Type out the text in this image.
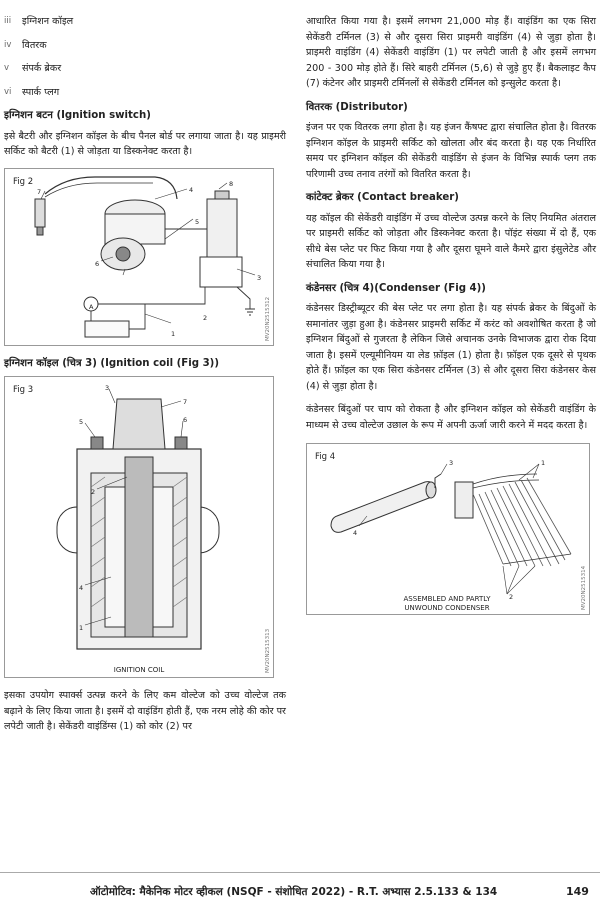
iii	इग्निशन कॉइल
iv	वितरक
v	संपर्क ब्रेकर
vi	स्पार्क प्लग
इग्निशन बटन (Ignition switch)

इसे बैटरी और इग्निशन कॉइल के बीच पैनल बोर्ड पर लगाया जाता है। यह प्राइमरी सर्किट को बैटरी (1) से जोड़ता या डिस्कनेक्ट करता है।

Fig 2
1
2
3
4
5
6
7
8
A	MV20N2515312
इग्निशन कॉइल (चित्र 3) (Ignition coil (Fig 3))
Fig 3
1
2
3
4
5	6
7
IGNITION COIL	MV20N2515313

इसका उपयोग स्पार्क्स उत्पन्न करने के लिए कम वोल्टेज को उच्च वोल्टेज तक बढ़ाने के लिए किया जाता है। इसमें दो वाइंडिंग होती हैं, एक नरम लोहे की कोर पर लपेटी जाती है। सेकेंडरी वाइंडिंग्स (1) को कोर (2) पर

आधारित किया गया है। इसमें लगभग 21,000 मोड़ हैं। वाइंडिंग का एक सिरा सेकेंडरी टर्मिनल (3) से और दूसरा सिरा प्राइमरी वाइंडिंग (4) से जुड़ा होता है। प्राइमरी वाइंडिंग (4) सेकेंडरी वाइंडिंग (1) पर लपेटी जाती है और इसमें लगभग 200 - 300 मोड़ होते हैं। सिरे बाहरी टर्मिनल (5,6) से जुड़े हुए हैं। बैकलाइट कैप (7) कंटेनर और प्राइमरी टर्मिनलों से सेकेंडरी टर्मिनल को इन्सुलेट करता है।

वितरक (Distributor)

इंजन पर एक वितरक लगा होता है। यह इंजन कैंषफ्ट द्वारा संचालित होता है। वितरक इग्निशन कॉइल के प्राइमरी सर्किट को खोलता और बंद करता है। यह एक निर्धारित समय पर इग्निशन कॉइल की सेकेंडरी वाइंडिंग से इंजन के विभिन्न स्पार्क प्लग तक परिणामी उच्च तनाव तरंगों को वितरित करता है।

कांटेक्ट ब्रेकर (Contact breaker)

यह कॉइल की सेकेंडरी वाइंडिंग में उच्च वोल्टेज उत्पन्न करने के लिए नियमित अंतराल पर प्राइमरी सर्किट को जोड़ता और डिस्कनेक्ट करता है। पॉइंट संख्या में दो हैं, एक सीधे बेस प्लेट पर फिट किया गया है और दूसरा घूमने वाले कैमरे द्वारा इंसुलेटेड और संचालित किया गया है।

कंडेनसर (चित्र 4)(Condenser (Fig 4))

कंडेनसर डिस्ट्रीब्यूटर की बेस प्लेट पर लगा होता है। यह संपर्क ब्रेकर के बिंदुओं के समानांतर जुड़ा हुआ है। कंडेनसर प्राइमरी सर्किट में करंट को अवशोषित करता है जो इग्निशन बिंदुओं से गुजरता है लेकिन जिसे अचानक उनके विभाजक द्वारा रोक दिया जाता है। इसमें एल्यूमीनियम या लेड फ़ॉइल (1) होता है। फ़ॉइल एक दूसरे से पृथक होते हैं। फ़ॉइल का एक सिरा कंडेनसर टर्मिनल (3) से और दूसरा सिरा कंडेनसर केस (4) से जुड़ा होता है।

कंडेनसर बिंदुओं पर चाप को रोकता है और इग्निशन कॉइल को सेकेंडरी वाइंडिंग के माध्यम से उच्च वोल्टेज उछाल के रूप में अपनी ऊर्जा जारी करने में मदद करता है।

Fig 4
1
2
3
4
ASSEMBLED AND PARTLY
UNWOUND CONDENSER	MV20N2515314
ऑटोमोटिव: मैकेनिक मोटर व्हीकल (NSQF - संशोधित 2022) - R.T. अभ्यास 2.5.133 & 134	149
